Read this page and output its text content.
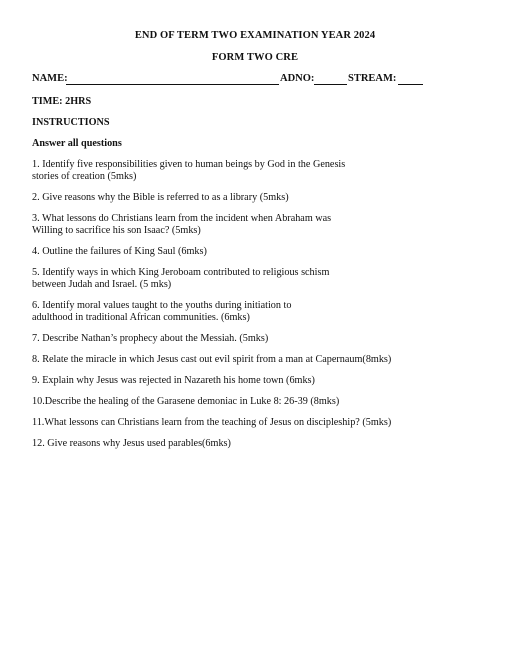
END OF TERM TWO EXAMINATION YEAR 2024
FORM TWO CRE
NAME:	ADNO:	STREAM:
TIME: 2HRS
INSTRUCTIONS
Answer all questions
1. Identify five responsibilities given to human beings by God in the Genesis
stories of creation (5mks)
2. Give reasons why the Bible is referred to as a library (5mks)
3. What lessons do Christians learn from the incident when Abraham was
Willing to sacrifice his son Isaac? (5mks)
4. Outline the failures of King Saul (6mks)
5. Identify ways in which King Jeroboam contributed to religious schism
between Judah and Israel. (5 mks)
6. Identify moral values taught to the youths during initiation to
adulthood in traditional African communities. (6mks)
7. Describe Nathan’s prophecy about the Messiah. (5mks)
8. Relate the miracle in which Jesus cast out evil spirit from a man at Capernaum(8mks)
9. Explain why Jesus was rejected in Nazareth his home town (6mks)
10.Describe the healing of the Garasene demoniac in Luke 8: 26-39 (8mks)
11.What lessons can Christians learn from the teaching of Jesus on discipleship? (5mks)
12. Give reasons why Jesus used parables(6mks)
